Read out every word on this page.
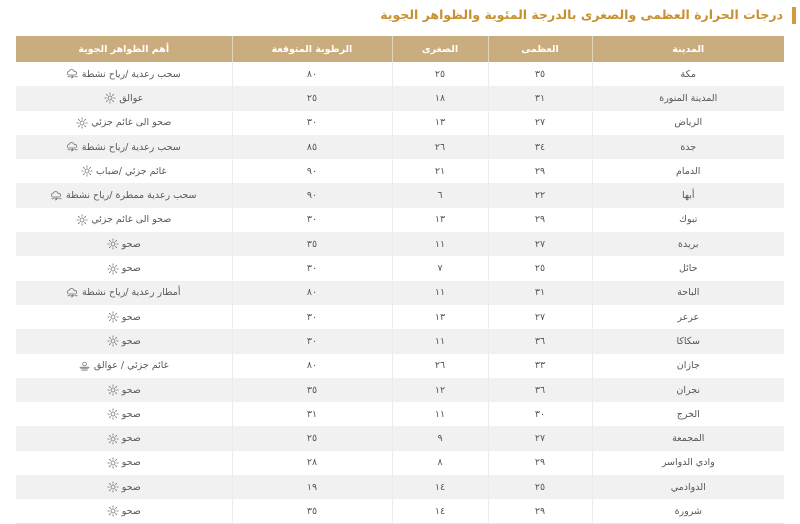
درجات الحرارة العظمى والصغرى بالدرجة المئوية والظواهر الجوية
المدينة	العظمى	الصغرى	الرطوبة المتوقعة	أهم الظواهر الجوية
مكة	٣٥	٢٥	٨٠	سحب رعدية /رياح نشطة

المدينة المنورة	٣١	١٨	٢٥	عوالق

الرياض	٢٧	١٣	٣٠	صحو الى غائم جزئي

جدة	٣٤	٢٦	٨٥	سحب رعدية /رياح نشطة

الدمام	٢٩	٢١	٩٠	غائم جزئي /ضباب

أبها	٢٢	٦	٩٠	سحب رعدية ممطرة /رياح نشطة

تبوك	٢٩	١٣	٣٠	صحو الى غائم جزئي

بريدة	٢٧	١١	٣٥	صحو

حائل	٢٥	٧	٣٠	صحو

الباحة	٣١	١١	٨٠	أمطار رعدية /رياح نشطة

عرعر	٢٧	١٣	٣٠	صحو

سكاكا	٣٦	١١	٣٠	صحو

جازان	٣٣	٢٦	٨٠	غائم جزئي / عوالق

نجران	٣٦	١٢	٣٥	صحو

الخرج	٣٠	١١	٣١	صحو

المجمعة	٢٧	٩	٢٥	صحو

وادي الدواسر	٢٩	٨	٢٨	صحو

الدوادمي	٢٥	١٤	١٩	صحو

شرورة	٢٩	١٤	٣٥	صحو
